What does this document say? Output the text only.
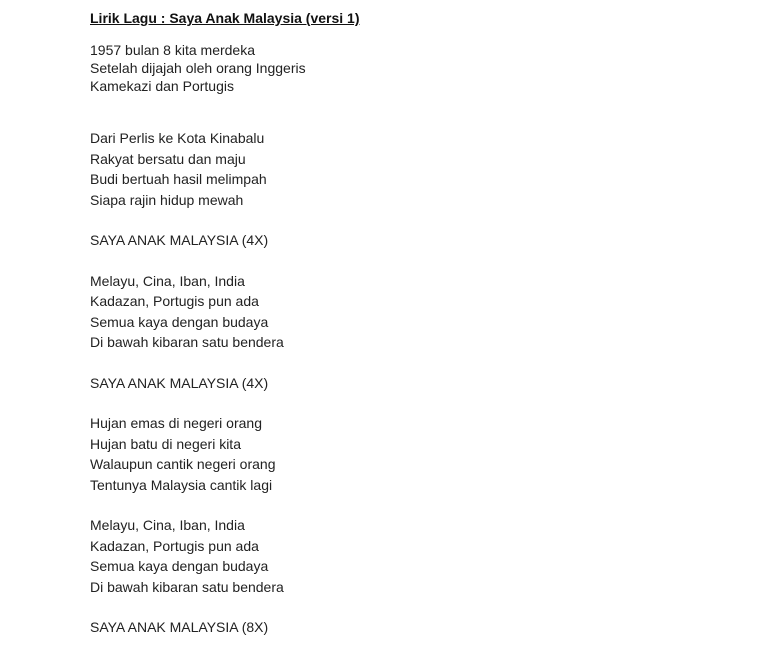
Lirik Lagu : Saya Anak Malaysia (versi 1)
1957 bulan 8 kita merdeka
Setelah dijajah oleh orang Inggeris
Kamekazi dan Portugis
Dari Perlis ke Kota Kinabalu
Rakyat bersatu dan maju
Budi bertuah hasil melimpah
Siapa rajin hidup mewah
SAYA ANAK MALAYSIA (4X)
Melayu, Cina, Iban, India
Kadazan, Portugis pun ada
Semua kaya dengan budaya
Di bawah kibaran satu bendera
SAYA ANAK MALAYSIA (4X)
Hujan emas di negeri orang
Hujan batu di negeri kita
Walaupun cantik negeri orang
Tentunya Malaysia cantik lagi
Melayu, Cina, Iban, India
Kadazan, Portugis pun ada
Semua kaya dengan budaya
Di bawah kibaran satu bendera
SAYA ANAK MALAYSIA (8X)
